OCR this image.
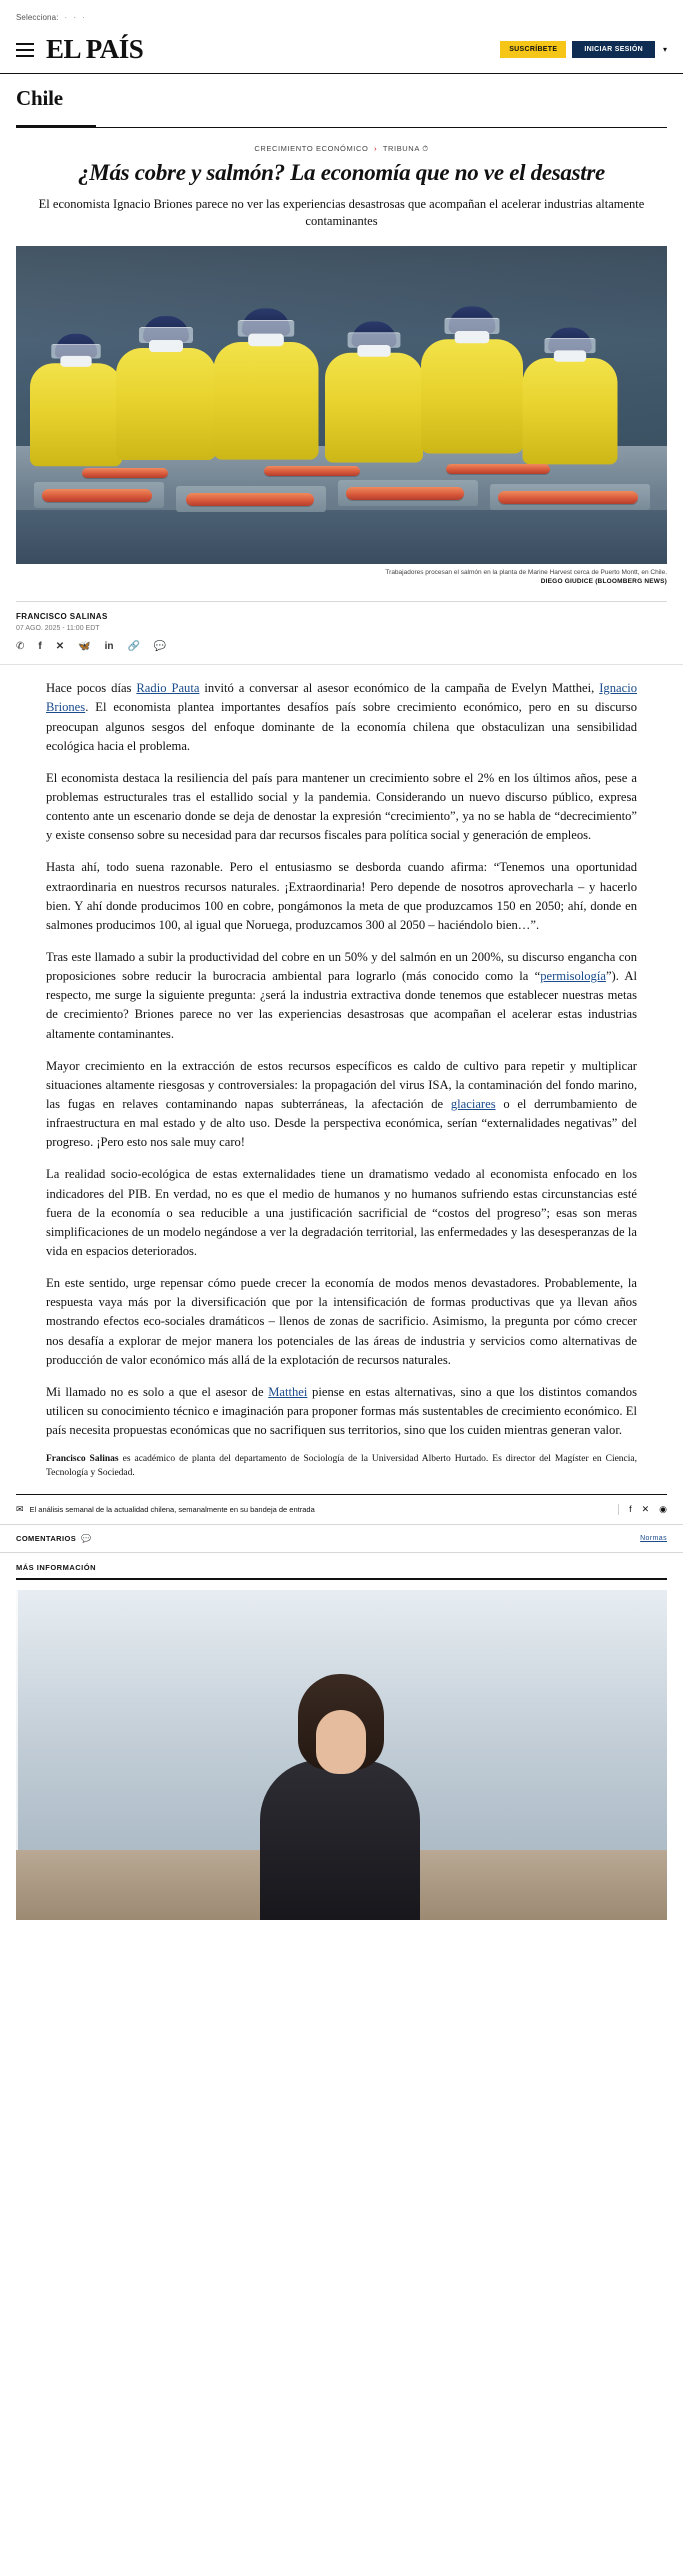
Selecciona: · · ·
EL PAÍS	SUSCRÍBETE	INICIAR SESIÓN	▾
Chile
CRECIMIENTO ECONÓMICO › TRIBUNA ⏱
¿Más cobre y salmón? La economía que no ve el desastre

El economista Ignacio Briones parece no ver las experiencias desastrosas que acompañan el acelerar industrias altamente contaminantes

Trabajadores procesan el salmón en la planta de Marine Harvest cerca de Puerto Montt, en Chile.
DIEGO GIUDICE (BLOOMBERG NEWS)
FRANCISCO SALINAS
07 AGO. 2025 - 11:00 EDT
✆ f ✕ 🦋 in 🔗 💬

Hace pocos días Radio Pauta invitó a conversar al asesor económico de la campaña de Evelyn Matthei, Ignacio Briones. El economista plantea importantes desafíos país sobre crecimiento económico, pero en su discurso preocupan algunos sesgos del enfoque dominante de la economía chilena que obstaculizan una sensibilidad ecológica hacia el problema.

El economista destaca la resiliencia del país para mantener un crecimiento sobre el 2% en los últimos años, pese a problemas estructurales tras el estallido social y la pandemia. Considerando un nuevo discurso público, expresa contento ante un escenario donde se deja de denostar la expresión “crecimiento”, ya no se habla de “decrecimiento” y existe consenso sobre su necesidad para dar recursos fiscales para política social y generación de empleos.

Hasta ahí, todo suena razonable. Pero el entusiasmo se desborda cuando afirma: “Tenemos una oportunidad extraordinaria en nuestros recursos naturales. ¡Extraordinaria! Pero depende de nosotros aprovecharla – y hacerlo bien. Y ahí donde producimos 100 en cobre, pongámonos la meta de que produzcamos 150 en 2050; ahí, donde en salmones producimos 100, al igual que Noruega, produzcamos 300 al 2050 – haciéndolo bien…”.

Tras este llamado a subir la productividad del cobre en un 50% y del salmón en un 200%, su discurso engancha con proposiciones sobre reducir la burocracia ambiental para lograrlo (más conocido como la “permisología”). Al respecto, me surge la siguiente pregunta: ¿será la industria extractiva donde tenemos que establecer nuestras metas de crecimiento? Briones parece no ver las experiencias desastrosas que acompañan el acelerar estas industrias altamente contaminantes.

Mayor crecimiento en la extracción de estos recursos específicos es caldo de cultivo para repetir y multiplicar situaciones altamente riesgosas y controversiales: la propagación del virus ISA, la contaminación del fondo marino, las fugas en relaves contaminando napas subterráneas, la afectación de glaciares o el derrumbamiento de infraestructura en mal estado y de alto uso. Desde la perspectiva económica, serían “externalidades negativas” del progreso. ¡Pero esto nos sale muy caro!

La realidad socio-ecológica de estas externalidades tiene un dramatismo vedado al economista enfocado en los indicadores del PIB. En verdad, no es que el medio de humanos y no humanos sufriendo estas circunstancias esté fuera de la economía o sea reducible a una justificación sacrificial de “costos del progreso”; esas son meras simplificaciones de un modelo negándose a ver la degradación territorial, las enfermedades y las desesperanzas de la vida en espacios deteriorados.

En este sentido, urge repensar cómo puede crecer la economía de modos menos devastadores. Probablemente, la respuesta vaya más por la diversificación que por la intensificación de formas productivas que ya llevan años mostrando efectos eco-sociales dramáticos – llenos de zonas de sacrificio. Asimismo, la pregunta por cómo crecer nos desafía a explorar de mejor manera los potenciales de las áreas de industria y servicios como alternativas de producción de valor económico más allá de la explotación de recursos naturales.

Mi llamado no es solo a que el asesor de Matthei piense en estas alternativas, sino a que los distintos comandos utilicen su conocimiento técnico e imaginación para proponer formas más sustentables de crecimiento económico. El país necesita propuestas económicas que no sacrifiquen sus territorios, sino que los cuiden mientras generan valor.

Francisco Salinas es académico de planta del departamento de Sociología de la Universidad Alberto Hurtado. Es director del Magíster en Ciencia, Tecnología y Sociedad.

✉ El análisis semanal de la actualidad chilena, semanalmente en su bandeja de entrada	f ✕ ◉
COMENTARIOS 💬	Normas
MÁS INFORMACIÓN
